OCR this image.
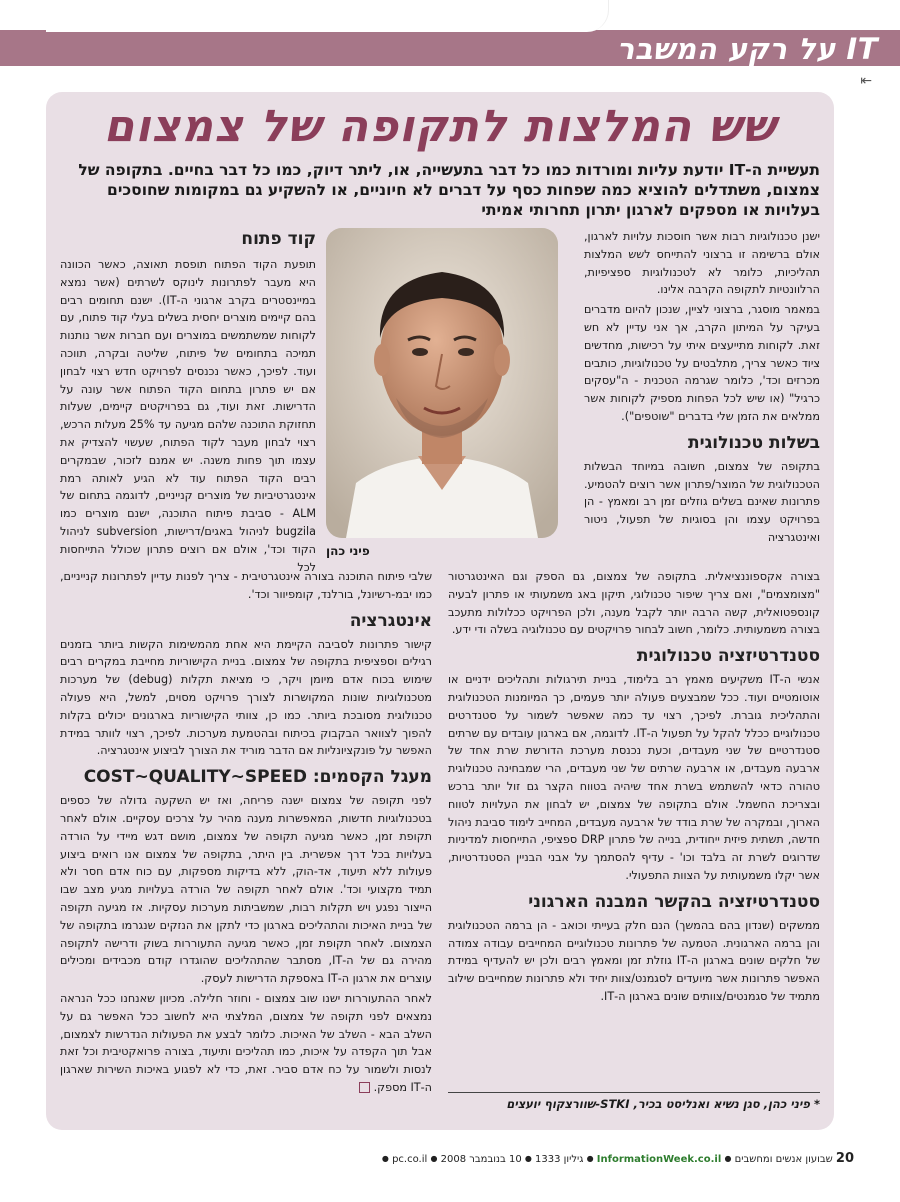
IT על רקע המשבר
⇤
שש המלצות לתקופה של צמצום
תעשיית ה-IT יודעת עליות ומורדות כמו כל דבר בתעשייה, או, ליתר דיוק, כמו כל דבר בחיים. בתקופה של צמצום, משתדלים להוציא כמה שפחות כסף על דברים לא חיוניים, או להשקיע גם במקומות שחוסכים בעלויות או מספקים לארגון יתרון תחרותי אמיתי

ישנן טכנולוגיות רבות אשר חוסכות עלויות לארגון, אולם ברשימה זו ברצוני להתייחס לשש המלצות תהליכיות, כלומר לא לטכנולוגיות ספציפיות, הרלוונטיות לתקופה הקרבה אלינו.

במאמר מוסגר, ברצוני לציין, שנכון להיום מדברים בעיקר על המיתון הקרב, אך אני עדיין לא חש זאת. לקוחות מתייעצים איתי על רכישות, מחדשים ציוד כאשר צריך, מתלבטים על טכנולוגיות, כותבים מכרזים וכד', כלומר שגרמה הטכנית - ה"עסקים כרגיל" (או שיש לכל הפחות מספיק לקוחות אשר ממלאים את הזמן שלי בדברים "שוטפים").

בשלות טכנולוגית

בתקופה של צמצום, חשובה במיוחד הבשלות הטכנולוגית של המוצר/פתרון אשר רוצים להטמיע. פתרונות שאינם בשלים גוזלים זמן רב ומאמץ - הן בפרויקט עצמו והן בסוגיות של תפעול, ניטור ואינטגרציה

פיני כהן
קוד פתוח

תופעת הקוד הפתוח תופסת תאוצה, כאשר הכוונה היא מעבר לפתרונות לינוקס לשרתים (אשר נמצא במיינסטרים בקרב ארגוני ה-IT). ישנם תחומים רבים בהם קיימים מוצרים יחסית בשלים בעלי קוד פתוח, עם לקוחות שמשתמשים במוצרים ועם חברות אשר נותנות תמיכה בתחומים של פיתוח, שליטה ובקרה, תווכה ועוד. לפיכך, כאשר נכנסים לפרויקט חדש רצוי לבחון אם יש פתרון בתחום הקוד הפתוח אשר עונה על הדרישות. זאת ועוד, גם בפרויקטים קיימים, שעלות תחזוקת התוכנה שלהם מגיעה עד 25% מעלות הרכש, רצוי לבחון מעבר לקוד הפתוח, שעשוי להצדיק את עצמו תוך פחות משנה. יש אמנם לזכור, שבמקרים רבים הקוד הפתוח עוד לא הגיע לאותה רמת אינטגרטיביות של מוצרים קנייניים, לדוגמה בתחום של ALM - סביבת פיתוח התוכנה, ישנם מוצרים כמו bugzila לניהול באגים/דרישות, subversion לניהול הקוד וכד', אולם אם רוצים פתרון שכולל התייחסות לכל

שלבי פיתוח התוכנה בצורה אינטגרטיבית - צריך לפנות עדיין לפתרונות קנייניים, כמו יבמ-רשיונל, בורלנד, קומפיוור וכד'.

אינטגרציה

קישור פתרונות לסביבה הקיימת היא אחת מהמשימות הקשות ביותר בזמנים רגילים וספציפית בתקופה של צמצום. בניית הקישוריות מחייבת במקרים רבים שימוש בכוח אדם מיומן ויקר, כי מציאת תקלות (debug) של מערכות מטכנולוגיות שונות המקושרות לצורך פרויקט מסוים, למשל, היא פעולה טכנולוגית מסובכת ביותר. כמו כן, צוותי הקישוריות בארגונים יכולים בקלות להפוך לצוואר הבקבוק בכיתוח ובהטמעת מערכות. לפיכך, רצוי לוותר במידת האפשר על פונקציונליות אם הדבר מוריד את הצורך לביצוע אינטגרציה.

מעגל הקסמים: COST~QUALITY~SPEED

לפני תקופה של צמצום ישנה פריחה, ואז יש השקעה גדולה של כספים בטכנולוגיות חדשות, המאפשרות מענה מהיר על צרכים עסקיים. אולם לאחר תקופת זמן, כאשר מגיעה תקופה של צמצום, מושם דגש מיידי על הורדה בעלויות בכל דרך אפשרית. בין היתר, בתקופה של צמצום אנו רואים ביצוע פעולות ללא תיעוד, אד-הוק, ללא בדיקות מספקות, עם כוח אדם חסר ולא תמיד מקצועי וכד'. אולם לאחר תקופה של הורדה בעלויות מגיע מצב שבו הייצור נפגע ויש תקלות רבות, שמשביתות מערכות עסקיות. אז מגיעה תקופה של בניית האיכות והתהליכים בארגון כדי לתקן את הנזקים שנגרמו בתקופה של הצמצום. לאחר תקופת זמן, כאשר מגיעה התעוררות בשוק ודרישה לתקופה מהירה גם של ה-IT, מסתבר שהתהליכים שהוגדרו קודם מכבידים ומכילים עוצרים את ארגון ה-IT באספקת הדרישות לעסק.

לאחר ההתעוררות ישנו שוב צמצום - וחוזר חלילה. מכיוון שאנחנו ככל הנראה נמצאים לפני תקופה של צמצום, המלצתי היא לחשוב ככל האפשר גם על השלב הבא - השלב של האיכות. כלומר לבצע את הפעולות הנדרשות לצמצום, אבל תוך הקפדה על איכות, כמו תהליכים ותיעוד, בצורה פרואקטיבית וכל זאת לנסות ולשמור על כח אדם סביר. זאת, כדי לא לפגוע באיכות השירות שארגון ה-IT מספק.

בצורה אקספוננציאלית. בתקופה של צמצום, גם הספק וגם האינטגרטור "מצומצמים", ואם צריך שיפור טכנולוגי, תיקון באג משמעותי או פתרון לבעיה קונספטואלית, קשה הרבה יותר לקבל מענה, ולכן הפרויקט ככלולות מתעכב בצורה משמעותית. כלומר, חשוב לבחור פרויקטים עם טכנולוגיה בשלה ודי ידע.

סטנדרטיזציה טכנולוגית

אנשי ה-IT משקיעים מאמץ רב בלימוד, בניית תירגולות ותהליכים ידניים או אוטומטיים ועוד. ככל שמבצעים פעולה יותר פעמים, כך המיומנות הטכנולוגית והתהליכית גוברת. לפיכך, רצוי עד כמה שאפשר לשמור על סטנדרטים טכנולוגיים ככלל להקל על תפעול ה-IT. לדוגמה, אם בארגון עובדים עם שרתים סטנדרטיים של שני מעבדים, וכעת נכנסת מערכת הדורשת שרת אחד של ארבעה מעבדים, או ארבעה שרתים של שני מעבדים, הרי שמבחינה טכנולוגית טהורה כדאי להשתמש בשרת אחד שיהיה בטווח הקצר גם זול יותר ברכש ובצריכת החשמל. אולם בתקופה של צמצום, יש לבחון את העלויות לטווח הארוך, ובמקרה של שרת בודד של ארבעה מעבדים, המחייב לימוד סביבת ניהול חדשה, תשתית פיזית ייחודית, בנייה של פתרון DRP ספציפי, התייחסות למדיניות שדרוגים לשרת זה בלבד וכו' - עדיף להסתמך על אבני הבניין הסטנדרטיות, אשר יקלו משמעותית על הצוות התפעולי.

סטנדרטיזציה בהקשר המבנה הארגוני

ממשקים (שנדון בהם בהמשך) הנם חלק בעייתי וכואב - הן ברמה הטכנולוגית והן ברמה הארגונית. הטמעה של פתרונות טכנולוגיים המחייבים עבודה צמודה של חלקים שונים בארגון ה-IT גוזלת זמן ומאמץ רבים ולכן יש להעדיף במידת האפשר פתרונות אשר מיועדים לסגמנט/צוות יחיד ולא פתרונות שמחייבים שילוב מתמיד של סגמנטים/צוותים שונים בארגון ה-IT.

* פיני כהן, סגן נשיא ואנליסט בכיר, STKI-שוורצקוף יועצים
20 שבועון אנשים ומחשבים ● InformationWeek.co.il ● גיליון 1333 ● 10 בנובמבר 2008 ● pc.co.il ●
